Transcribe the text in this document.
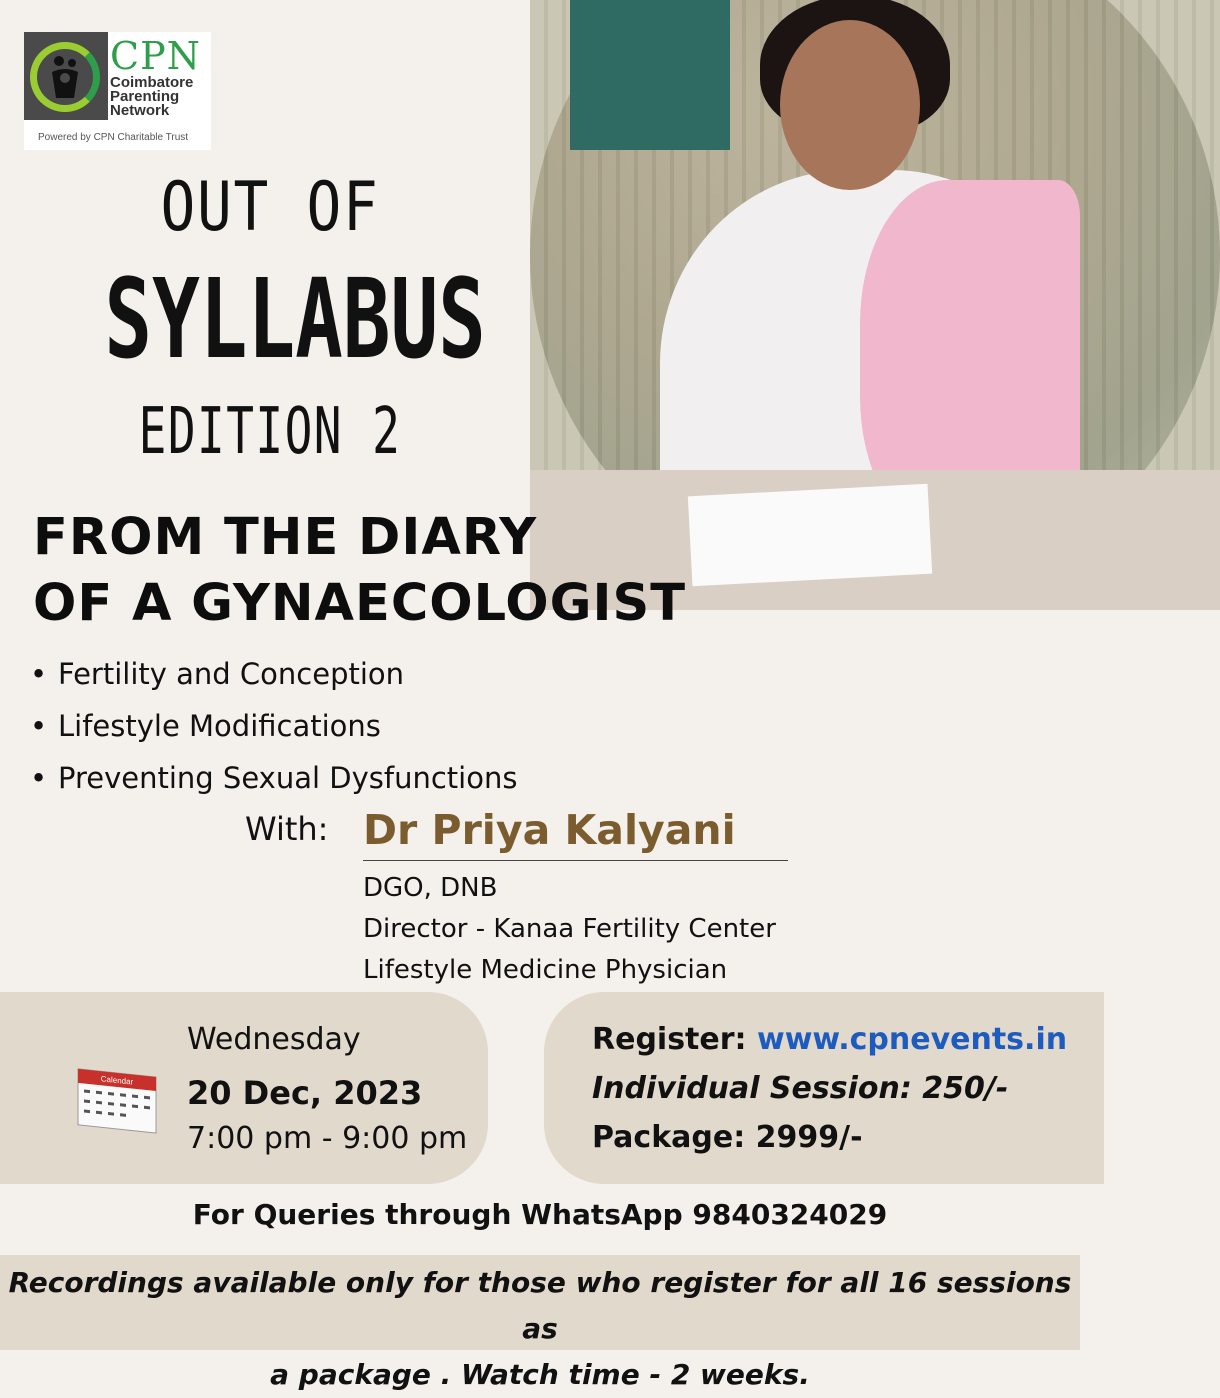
CPN
Coimbatore
Parenting
Network
Powered by CPN Charitable Trust
OUT OF
SYLLABUS
EDITION 2
FROM THE DIARY
OF A GYNAECOLOGIST
• Fertility and Conception
• Lifestyle Modifications
• Preventing Sexual Dysfunctions
With: Dr Priya Kalyani
DGO, DNB
Director - Kanaa Fertility Center
Lifestyle Medicine Physician
Calendar
Wednesday
20 Dec, 2023
7:00 pm - 9:00 pm
Register: www.cpnevents.in
Individual Session: 250/-
Package: 2999/-
For Queries through WhatsApp 9840324029
Recordings available only for those who register for all 16 sessions as
a package . Watch time - 2 weeks.
